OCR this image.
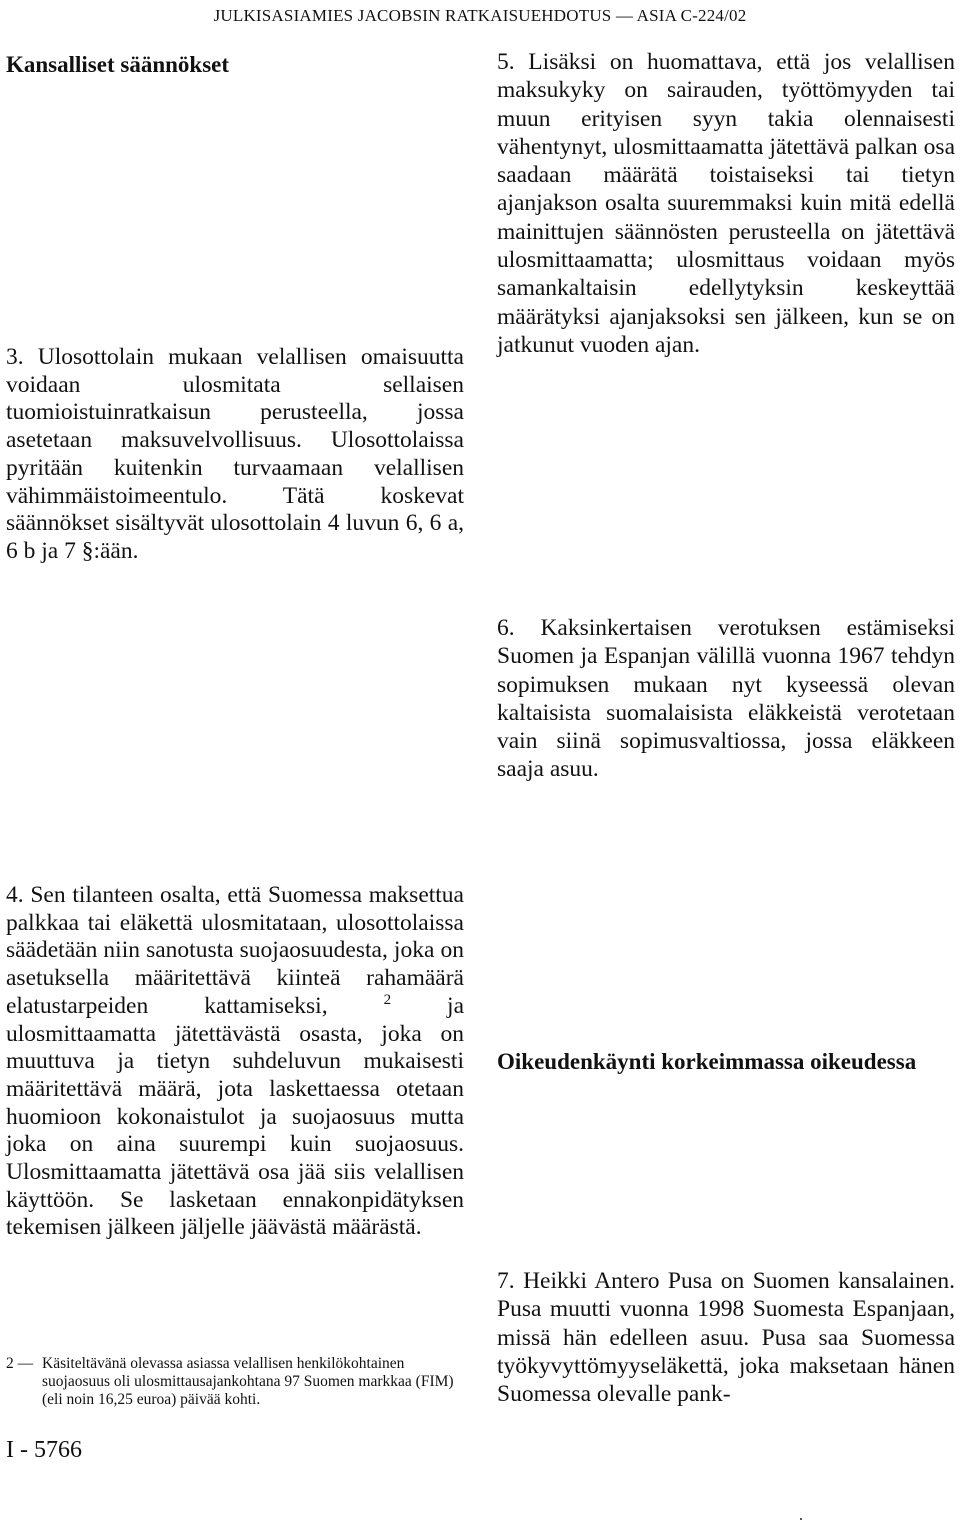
JULKISASIAMIES JACOBSIN RATKAISUEHDOTUS — ASIA C-224/02
Kansalliset säännökset
3. Ulosottolain mukaan velallisen omaisuutta voidaan ulosmitata sellaisen tuomioistuinratkaisun perusteella, jossa asetetaan maksuvelvollisuus. Ulosottolaissa pyritään kuitenkin turvaamaan velallisen vähimmäistoimeentulo. Tätä koskevat säännökset sisältyvät ulosottolain 4 luvun 6, 6 a, 6 b ja 7 §:ään.
4. Sen tilanteen osalta, että Suomessa maksettua palkkaa tai eläkettä ulosmitataan, ulosottolaissa säädetään niin sanotusta suojaosuudesta, joka on asetuksella määritettävä kiinteä rahamäärä elatustarpeiden kattamiseksi,	$^2$ ja ulosmittaamatta jätettävästä osasta, joka on muuttuva ja tietyn suhdeluvun mukaisesti määritettävä määrä, jota laskettaessa otetaan huomioon kokonaistulot ja suojaosuus mutta joka on aina suurempi kuin suojaosuus. Ulosmittaamatta jätettävä osa jää siis velallisen käyttöön. Se lasketaan ennakonpidätyksen tekemisen jälkeen jäljelle jäävästä määrästä.
2 — Käsiteltävänä olevassa asiassa velallisen henkilökohtainen suojaosuus oli ulosmittausajankohtana 97 Suomen markkaa (FIM) (eli noin 16,25 euroa) päivää kohti.
I - 5766
5. Lisäksi on huomattava, että jos velallisen maksukyky on sairauden, työttömyyden tai muun erityisen syyn takia olennaisesti vähentynyt, ulosmittaamatta jätettävä palkan osa saadaan määrätä toistaiseksi tai tietyn ajanjakson osalta suuremmaksi kuin mitä edellä mainittujen säännösten perusteella on jätettävä ulosmittaamatta; ulosmittaus voidaan myös samankaltaisin edellytyksin keskeyttää määrätyksi ajanjaksoksi sen jälkeen, kun se on jatkunut vuoden ajan.
6. Kaksinkertaisen verotuksen estämiseksi Suomen ja Espanjan välillä vuonna 1967 tehdyn sopimuksen mukaan nyt kyseessä olevan kaltaisista suomalaisista eläkkeistä verotetaan vain siinä sopimusvaltiossa, jossa eläkkeen saaja asuu.
Oikeudenkäynti korkeimmassa oikeudessa
7. Heikki Antero Pusa on Suomen kansalainen. Pusa muutti vuonna 1998 Suomesta Espanjaan, missä hän edelleen asuu. Pusa saa Suomessa työkyvyttömyyseläkettä, joka maksetaan hänen Suomessa olevalle pank-
